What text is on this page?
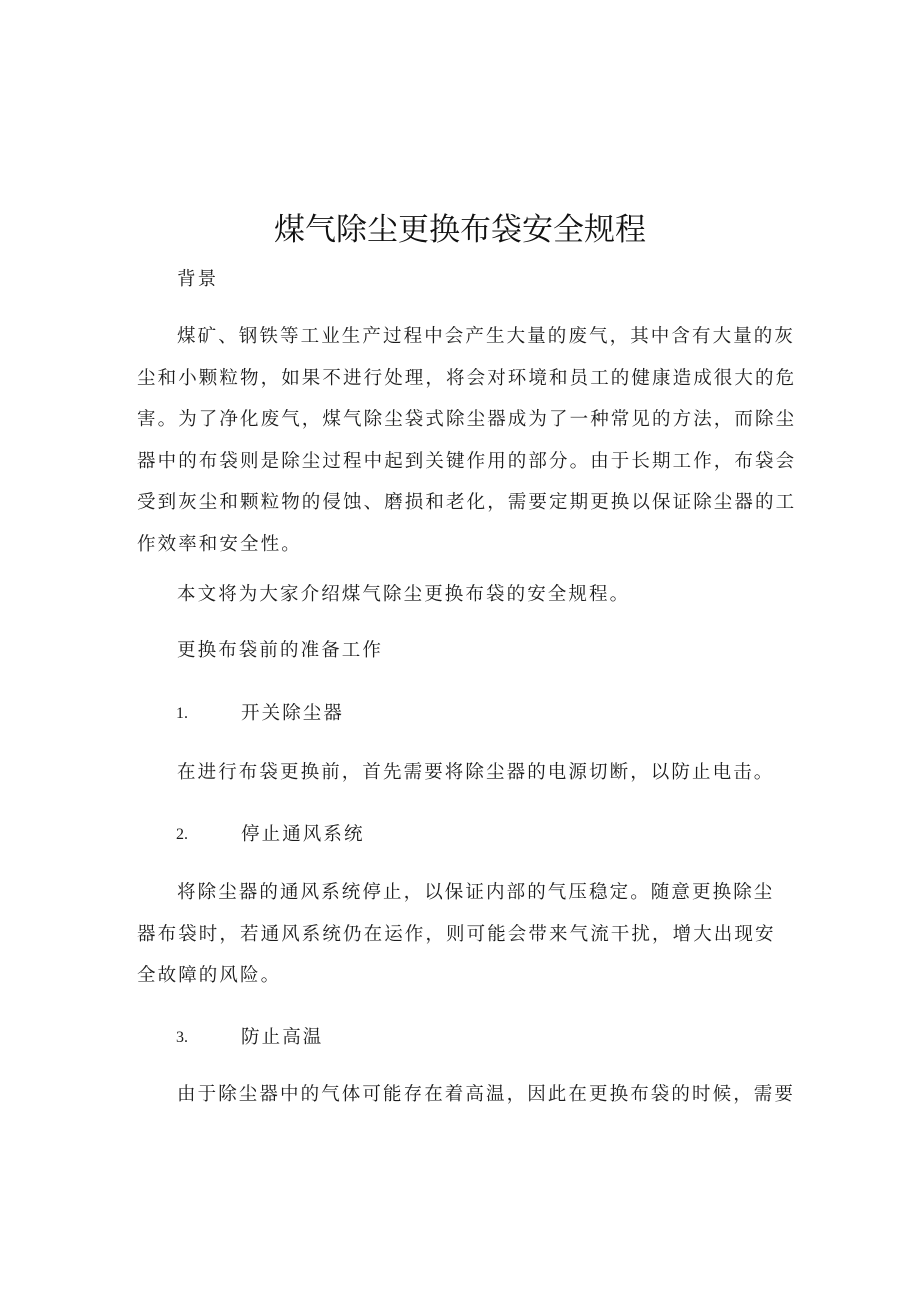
煤气除尘更换布袋安全规程
背景
煤矿、钢铁等工业生产过程中会产生大量的废气，其中含有大量的灰尘和小颗粒物，如果不进行处理，将会对环境和员工的健康造成很大的危害。为了净化废气，煤气除尘袋式除尘器成为了一种常见的方法，而除尘器中的布袋则是除尘过程中起到关键作用的部分。由于长期工作，布袋会受到灰尘和颗粒物的侵蚀、磨损和老化，需要定期更换以保证除尘器的工作效率和安全性。
本文将为大家介绍煤气除尘更换布袋的安全规程。
更换布袋前的准备工作
1.	开关除尘器
在进行布袋更换前，首先需要将除尘器的电源切断，以防止电击。
2.	停止通风系统
将除尘器的通风系统停止，以保证内部的气压稳定。随意更换除尘器布袋时，若通风系统仍在运作，则可能会带来气流干扰，增大出现安全故障的风险。
3.	防止高温
由于除尘器中的气体可能存在着高温，因此在更换布袋的时候，需要
